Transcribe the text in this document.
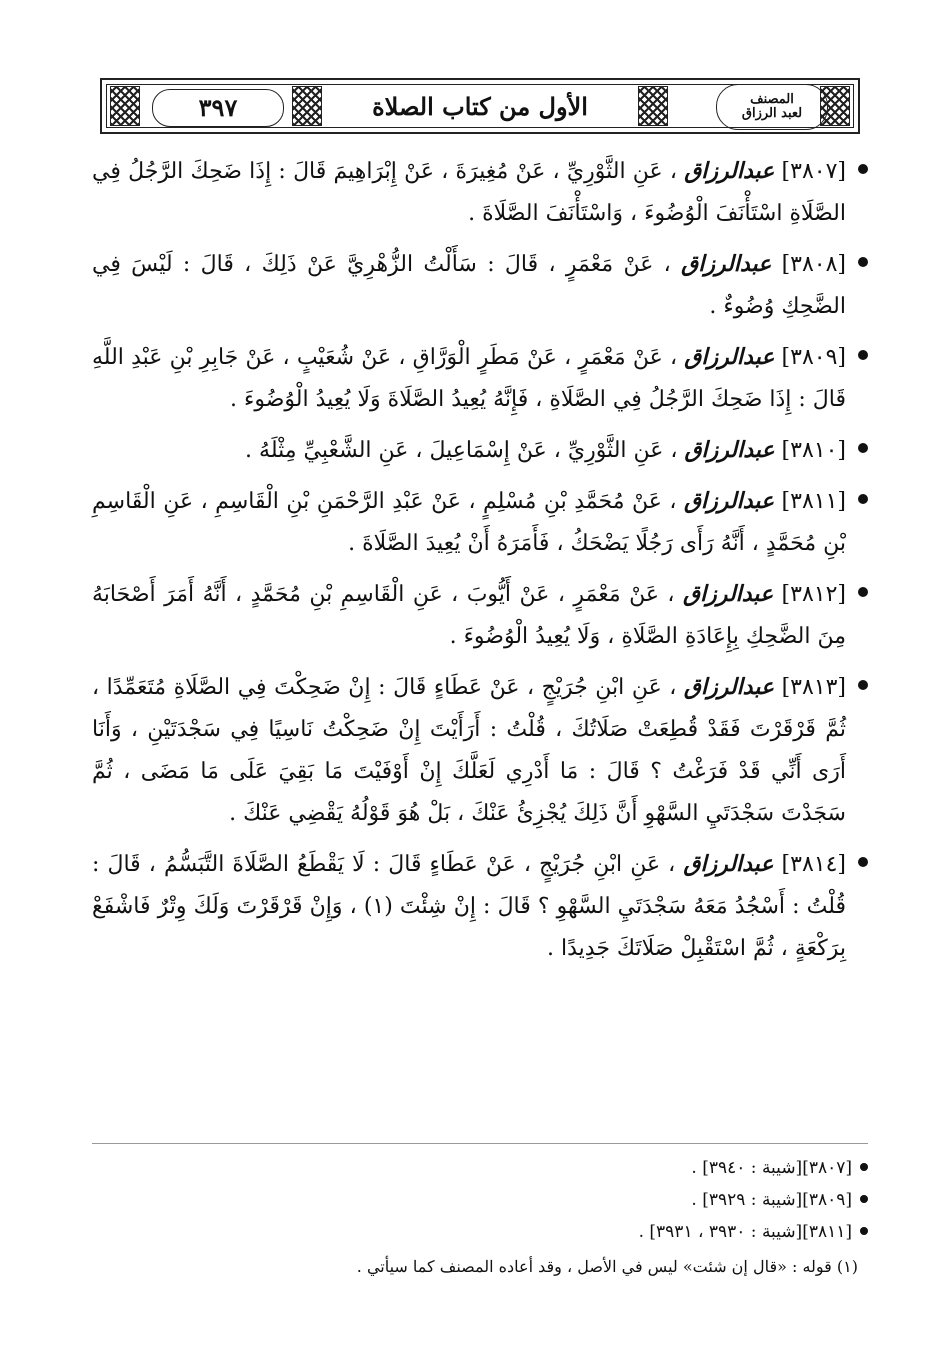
٣٩٧	الأول من كتاب الصلاة	المصنف
لعبد الرزاق
[٣٨٠٧] عبدالرزاق ، عَنِ الثَّوْرِيِّ ، عَنْ مُغِيرَةَ ، عَنْ إِبْرَاهِيمَ قَالَ : إِذَا ضَحِكَ الرَّجُلُ فِي الصَّلَاةِ اسْتَأْنَفَ الْوُضُوءَ ، وَاسْتَأْنَفَ الصَّلَاةَ .
[٣٨٠٨] عبدالرزاق ، عَنْ مَعْمَرٍ ، قَالَ : سَأَلْتُ الزُّهْرِيَّ عَنْ ذَلِكَ ، قَالَ : لَيْسَ فِي الضَّحِكِ وُضُوءٌ .
[٣٨٠٩] عبدالرزاق ، عَنْ مَعْمَرٍ ، عَنْ مَطَرٍ الْوَرَّاقِ ، عَنْ شُعَيْبٍ ، عَنْ جَابِرِ بْنِ عَبْدِ اللَّهِ قَالَ : إِذَا ضَحِكَ الرَّجُلُ فِي الصَّلَاةِ ، فَإِنَّهُ يُعِيدُ الصَّلَاةَ وَلَا يُعِيدُ الْوُضُوءَ .
[٣٨١٠] عبدالرزاق ، عَنِ الثَّوْرِيِّ ، عَنْ إِسْمَاعِيلَ ، عَنِ الشَّعْبِيِّ مِثْلَهُ .
[٣٨١١] عبدالرزاق ، عَنْ مُحَمَّدِ بْنِ مُسْلِمٍ ، عَنْ عَبْدِ الرَّحْمَنِ بْنِ الْقَاسِمِ ، عَنِ الْقَاسِمِ بْنِ مُحَمَّدٍ ، أَنَّهُ رَأَى رَجُلًا يَضْحَكُ ، فَأَمَرَهُ أَنْ يُعِيدَ الصَّلَاةَ .
[٣٨١٢] عبدالرزاق ، عَنْ مَعْمَرٍ ، عَنْ أَيُّوبَ ، عَنِ الْقَاسِمِ بْنِ مُحَمَّدٍ ، أَنَّهُ أَمَرَ أَصْحَابَهُ مِنَ الضَّحِكِ بِإِعَادَةِ الصَّلَاةِ ، وَلَا يُعِيدُ الْوُضُوءَ .
[٣٨١٣] عبدالرزاق ، عَنِ ابْنِ جُرَيْجٍ ، عَنْ عَطَاءٍ قَالَ : إِنْ ضَحِكْتَ فِي الصَّلَاةِ مُتَعَمِّدًا ، ثُمَّ قَرْقَرْتَ فَقَدْ قُطِعَتْ صَلَاتُكَ ، قُلْتُ : أَرَأَيْتَ إِنْ ضَحِكْتُ نَاسِيًا فِي سَجْدَتَيْنِ ، وَأَنَا أَرَى أَنِّي قَدْ فَرَغْتُ ؟ قَالَ : مَا أَدْرِي لَعَلَّكَ إِنْ أَوْفَيْتَ مَا بَقِيَ عَلَى مَا مَضَى ، ثُمَّ سَجَدْتَ سَجْدَتَيِ السَّهْوِ أَنَّ ذَلِكَ يُجْزِئُ عَنْكَ ، بَلْ هُوَ قَوْلُهُ يَقْضِي عَنْكَ .
[٣٨١٤] عبدالرزاق ، عَنِ ابْنِ جُرَيْجٍ ، عَنْ عَطَاءٍ قَالَ : لَا يَقْطَعُ الصَّلَاةَ التَّبَسُّمُ ، قَالَ : قُلْتُ : أَسْجُدُ مَعَهُ سَجْدَتَيِ السَّهْوِ ؟ قَالَ : إِنْ شِئْتَ (١) ، وَإِنْ قَرْقَرْتَ وَلَكَ وِتْرٌ فَاشْفَعْ بِرَكْعَةٍ ، ثُمَّ اسْتَقْبِلْ صَلَاتَكَ جَدِيدًا .
[٣٨٠٧][شيبة : ٣٩٤٠] .
[٣٨٠٩][شيبة : ٣٩٢٩] .
[٣٨١١][شيبة : ٣٩٣٠ ، ٣٩٣١] .
(١) قوله : «قال إن شئت» ليس في الأصل ، وقد أعاده المصنف كما سيأتي .
